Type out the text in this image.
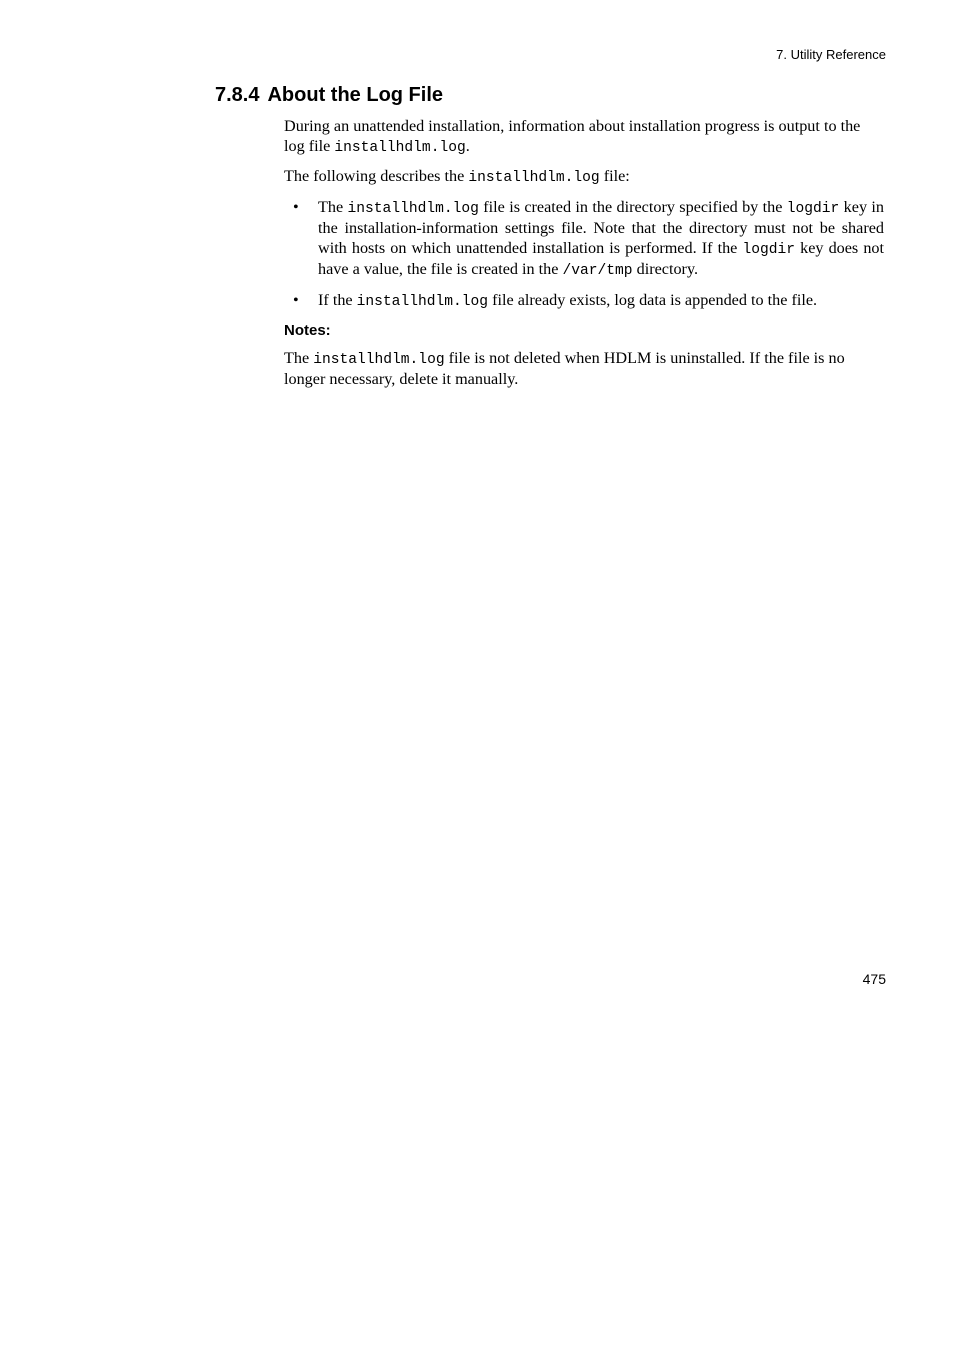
7. Utility Reference
7.8.4 About the Log File

During an unattended installation, information about installation progress is output to the log file installhdlm.log.

The following describes the installhdlm.log file:

• The installhdlm.log file is created in the directory specified by the logdir key in the installation-information settings file. Note that the directory must not be shared with hosts on which unattended installation is performed. If the logdir key does not have a value, the file is created in the /var/tmp directory.
• If the installhdlm.log file already exists, log data is appended to the file.
Notes:

The installhdlm.log file is not deleted when HDLM is uninstalled. If the file is no longer necessary, delete it manually.

475
